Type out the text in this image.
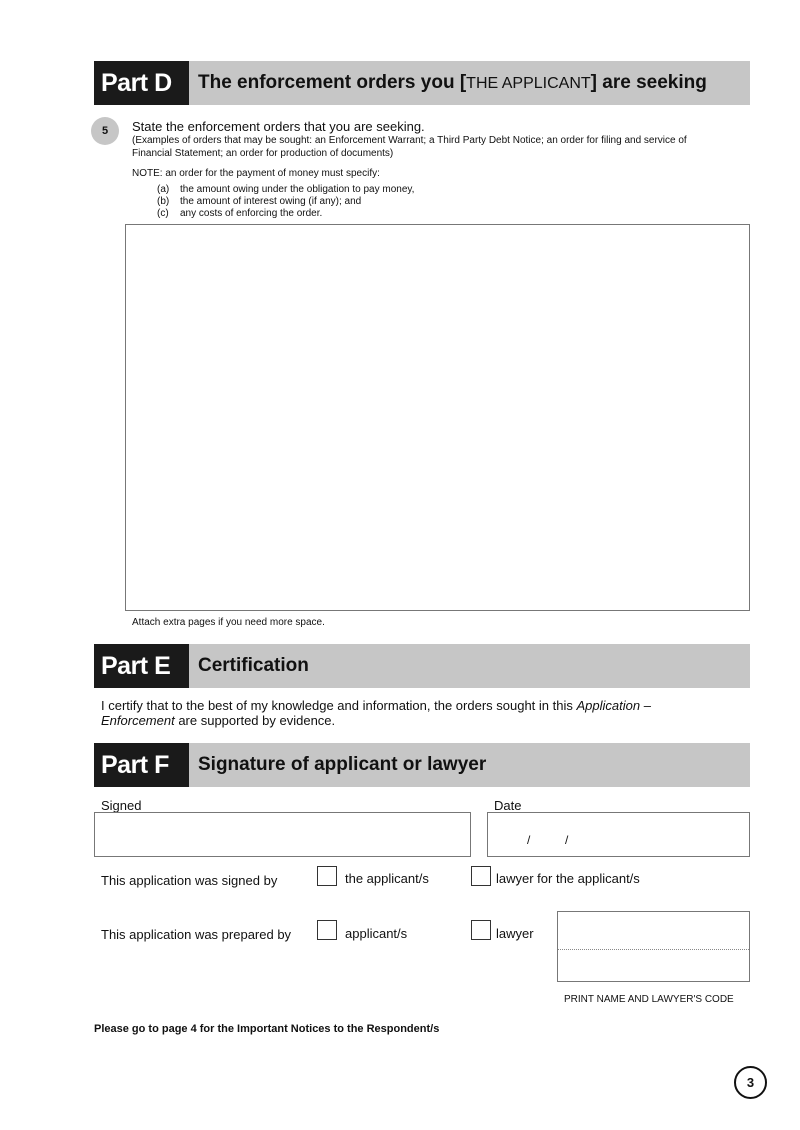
Part D	The enforcement orders you [THE APPLICANT] are seeking
5	State the enforcement orders that you are seeking.
(Examples of orders that may be sought: an Enforcement Warrant; a Third Party Debt Notice; an order for filing and service of
Financial Statement; an order for production of documents)
NOTE: an order for the payment of money must specify:
(a) the amount owing under the obligation to pay money,
(b) the amount of interest owing (if any); and
(c) any costs of enforcing the order.
Attach extra pages if you need more space.
Part E	Certification
I certify that to the best of my knowledge and information, the orders sought in this Application –
Enforcement are supported by evidence.
Part F	Signature of applicant or lawyer
Signed	Date
/	/
This application was signed by	the applicant/s	lawyer for the applicant/s
This application was prepared by	applicant/s	lawyer
PRINT NAME AND LAWYER'S CODE
Please go to page 4 for the Important Notices to the Respondent/s
3
